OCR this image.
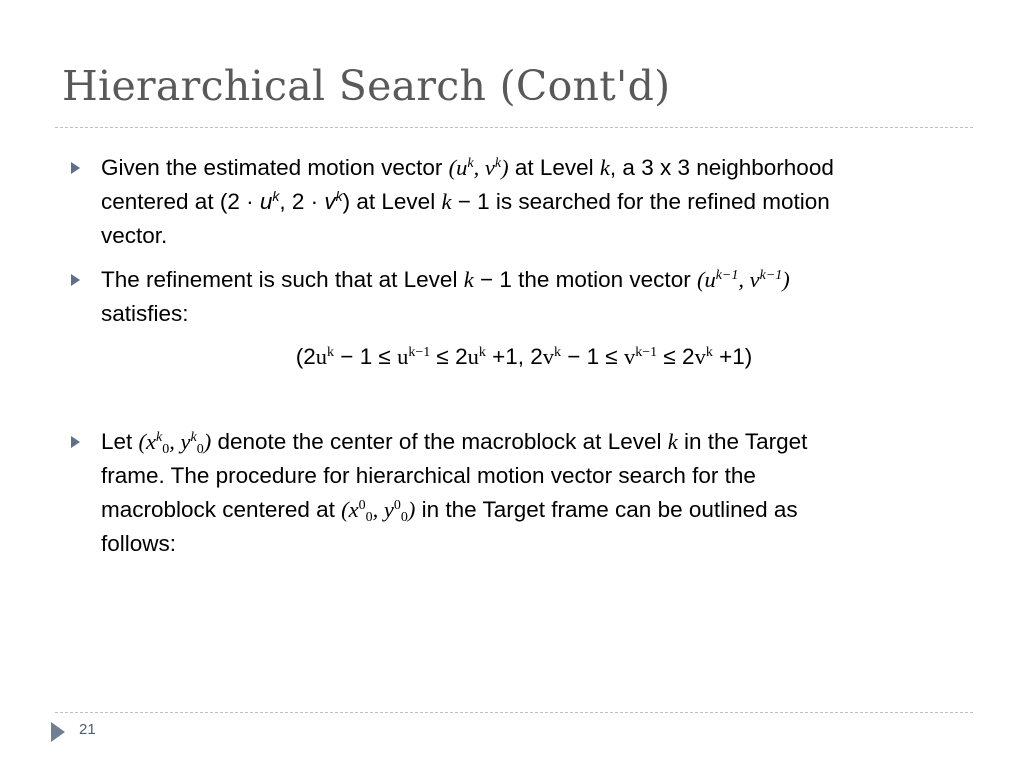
Hierarchical Search (Cont'd)
Given the estimated motion vector ($u^k$, $v^k$) at Level k, a 3 x 3 neighborhood
centered at ($2 \cdot u^k$, $2 \cdot v^k$) at Level k − 1 is searched for the refined motion
vector.
The refinement is such that at Level k − 1 the motion vector ($u^{k-1}$, $v^{k-1}$)
satisfies:
($2u^k - 1 \le u^{k-1} \le 2u^k +1$, $2v^k - 1 \le v^{k-1} \le 2v^k +1$)
Let ($x^k_0$, $y^k_0$) denote the center of the macroblock at Level k in the Target
frame. The procedure for hierarchical motion vector search for the
macroblock centered at ($x^0_0$, $y^0_0$) in the Target frame can be outlined as
follows:
21
